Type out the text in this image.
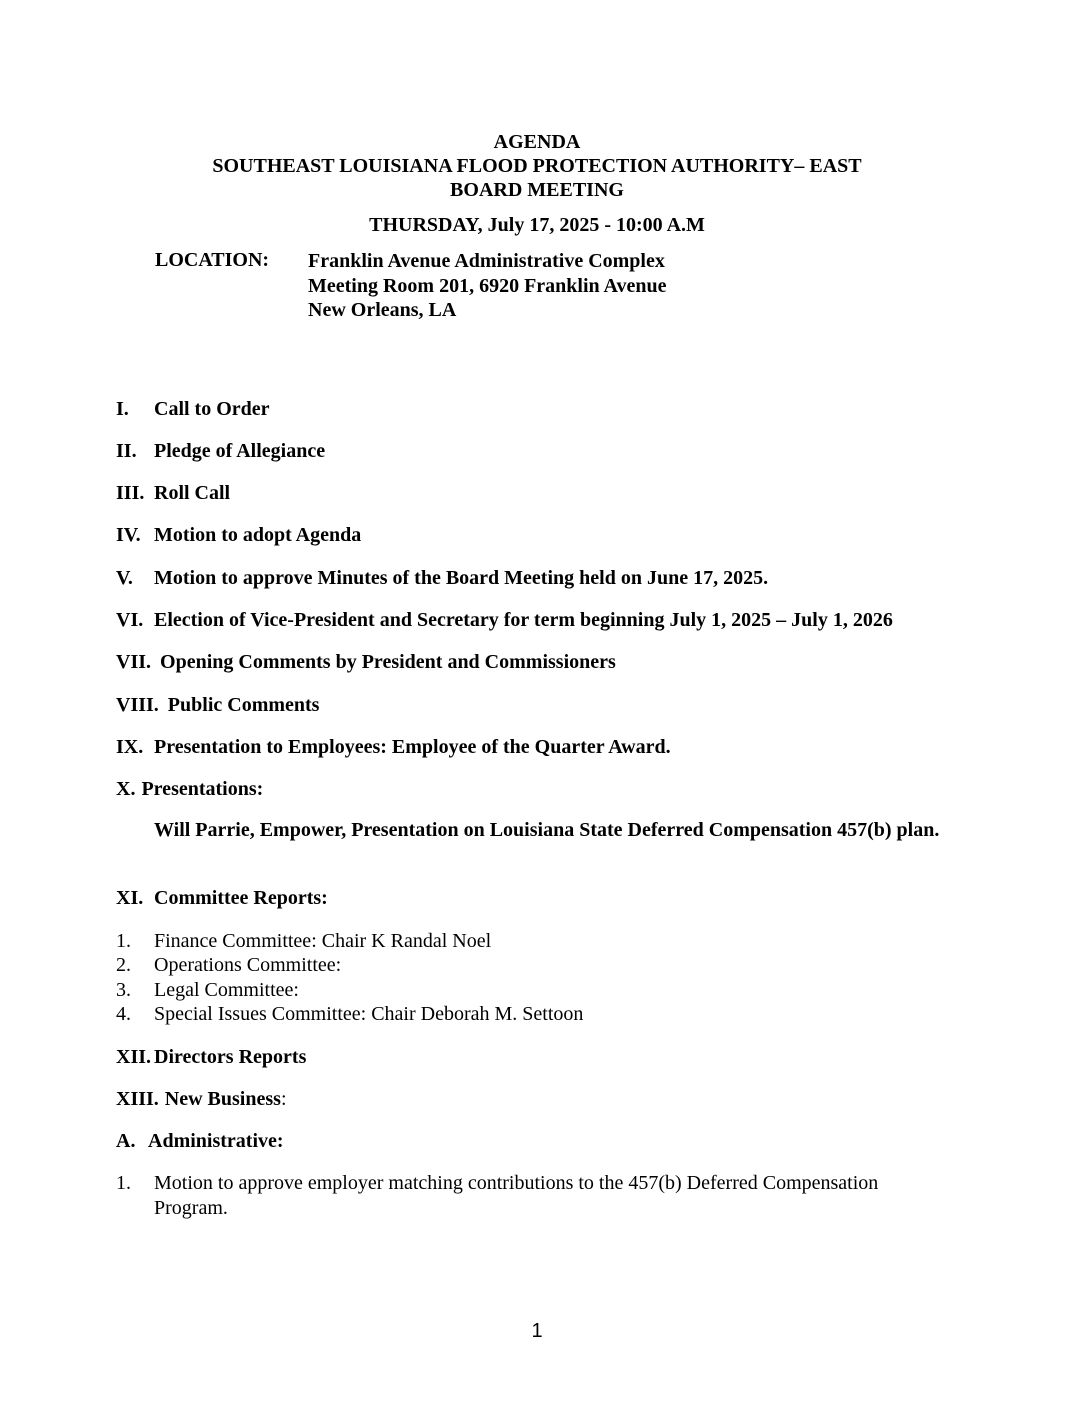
AGENDA
SOUTHEAST LOUISIANA FLOOD PROTECTION AUTHORITY– EAST
BOARD MEETING
THURSDAY, July 17, 2025 - 10:00 A.M
LOCATION: Franklin Avenue Administrative Complex
Meeting Room 201, 6920 Franklin Avenue
New Orleans, LA
I. Call to Order
II. Pledge of Allegiance
III. Roll Call
IV. Motion to adopt Agenda
V. Motion to approve Minutes of the Board Meeting held on June 17, 2025.
VI. Election of Vice-President and Secretary for term beginning July 1, 2025 – July 1, 2026
VII. Opening Comments by President and Commissioners
VIII. Public Comments
IX. Presentation to Employees: Employee of the Quarter Award.
X. Presentations:
Will Parrie, Empower, Presentation on Louisiana State Deferred Compensation 457(b) plan.
XI. Committee Reports:
1. Finance Committee: Chair K Randal Noel
2. Operations Committee:
3. Legal Committee:
4. Special Issues Committee: Chair Deborah M. Settoon
XII. Directors Reports
XIII. New Business:
A. Administrative:
1. Motion to approve employer matching contributions to the 457(b) Deferred Compensation Program.
1
